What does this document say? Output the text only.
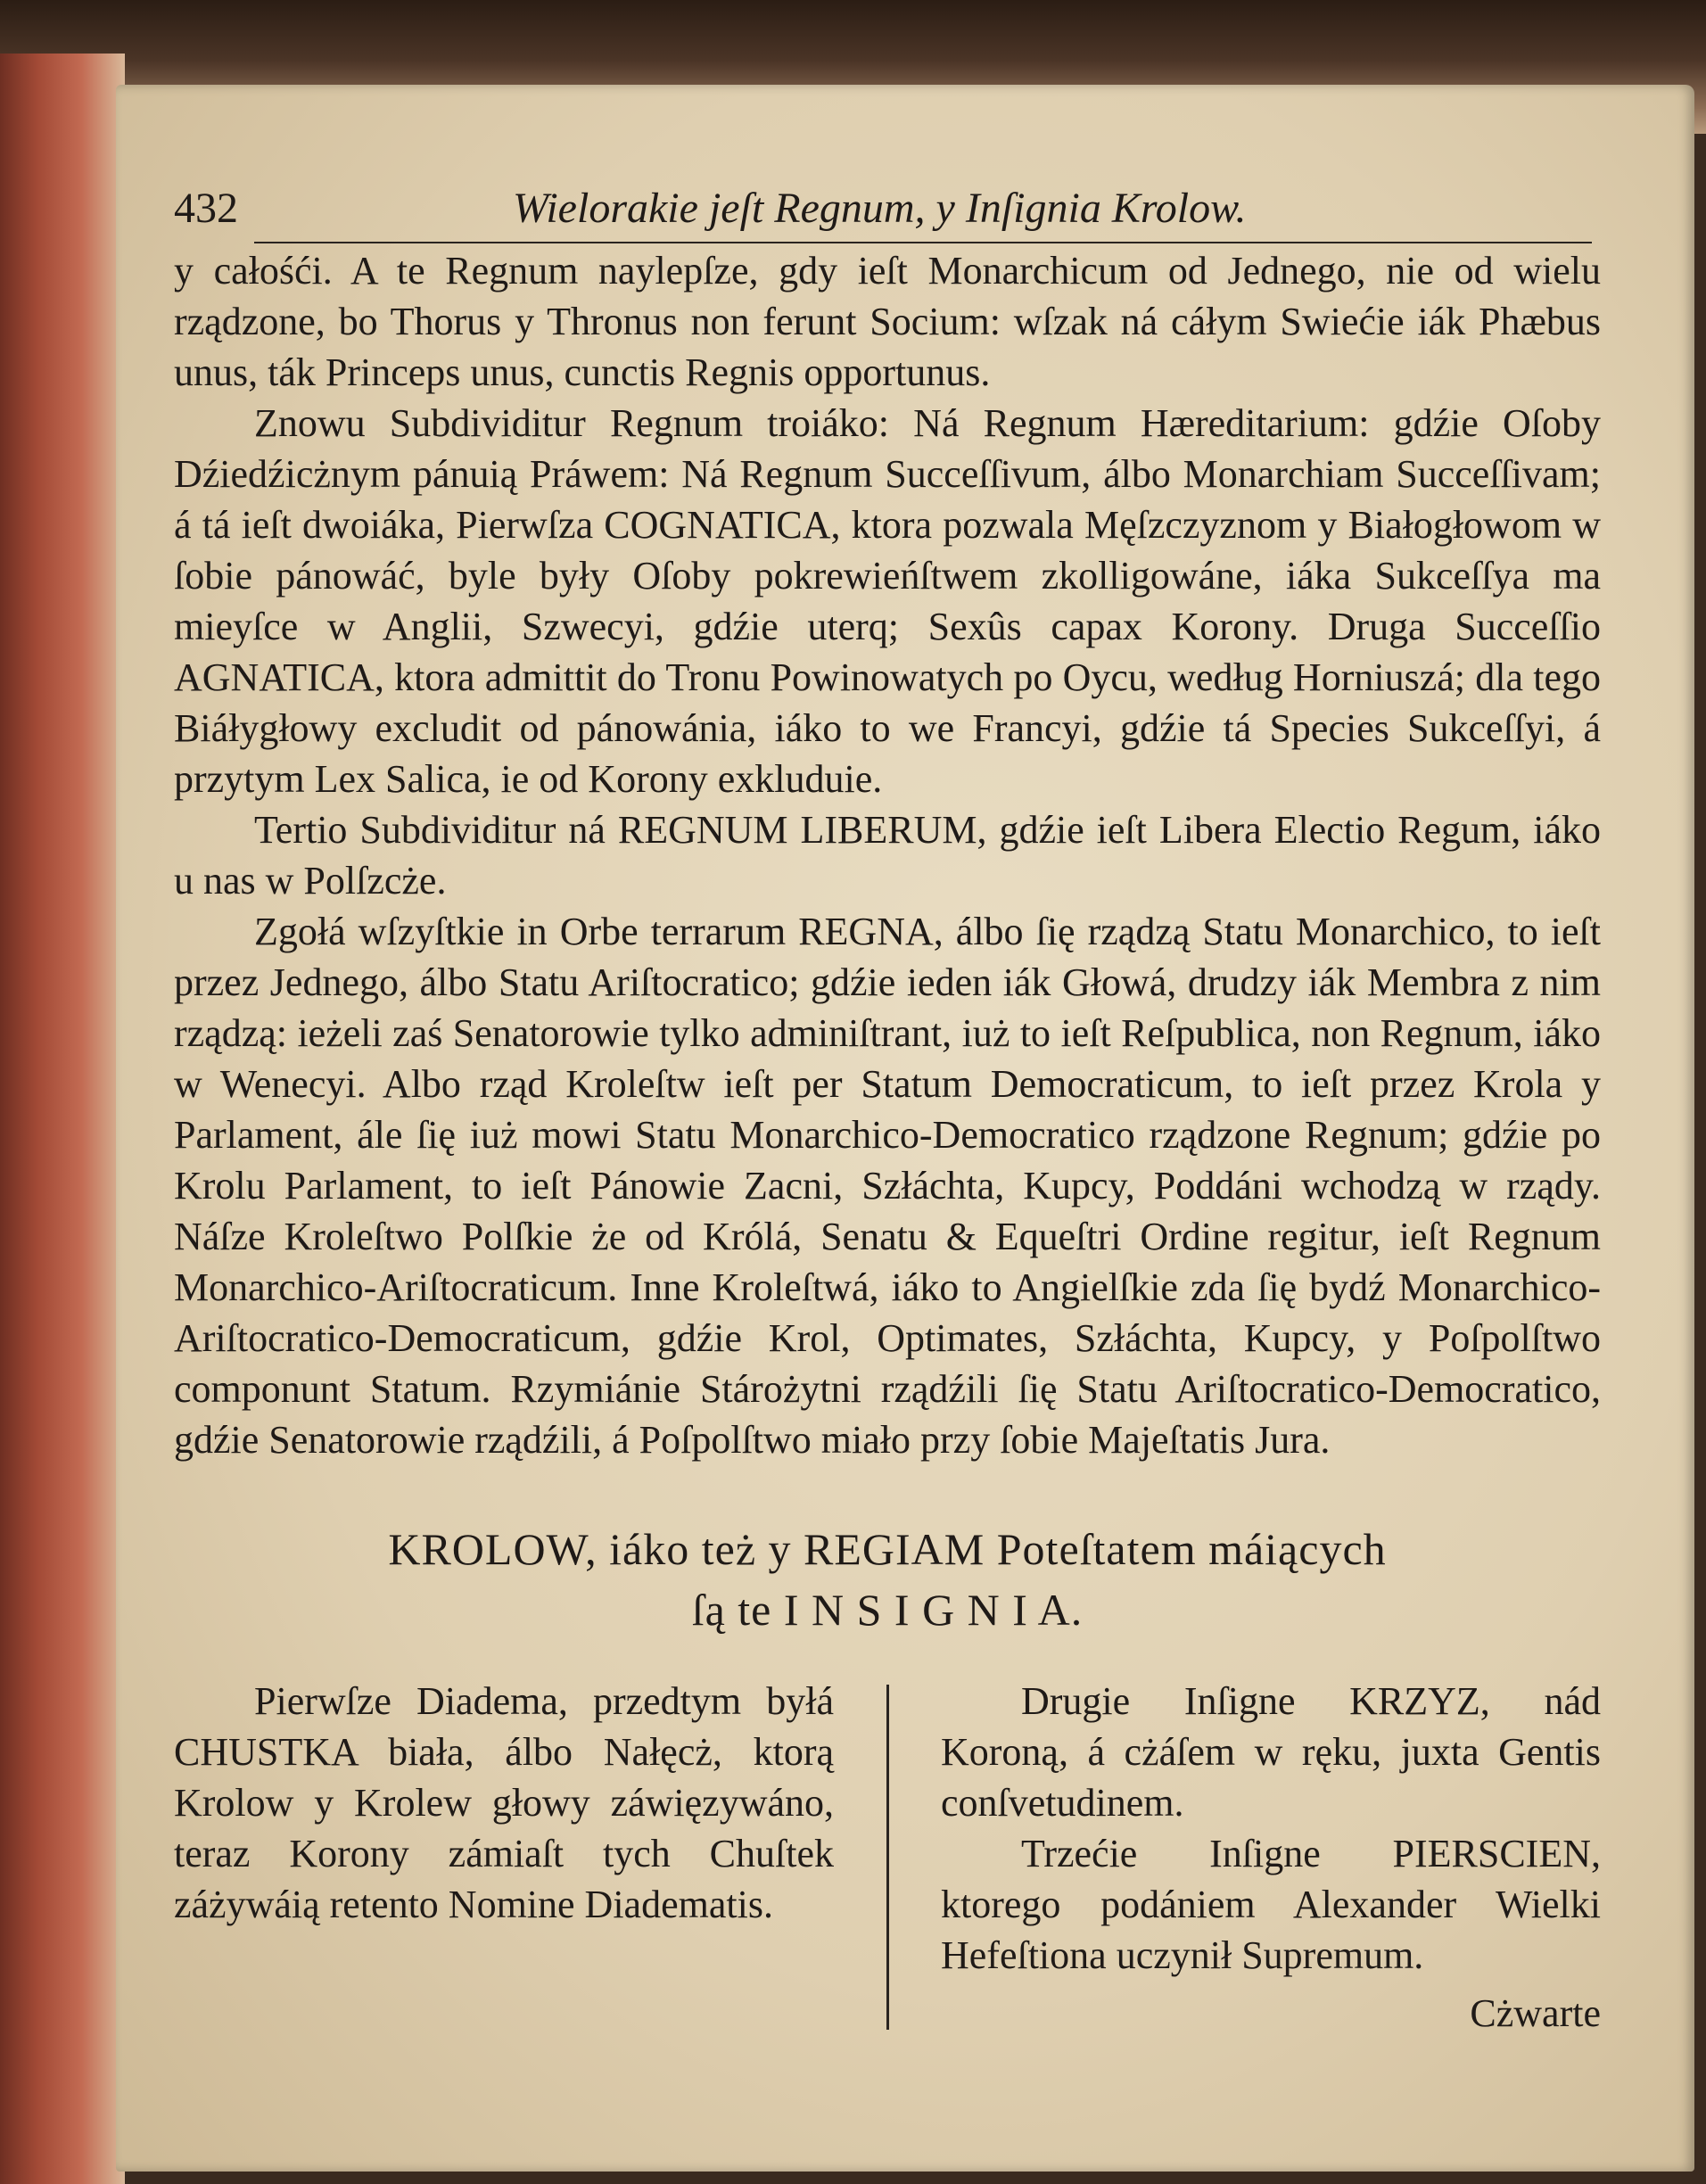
432	Wielorakie jeſt Regnum, y Inſignia Krolow.

y całośći. A te Regnum naylepſze, gdy ieſt Monarchicum od Jednego, nie od wielu rządzone, bo Thorus y Thronus non ferunt Socium: wſzak ná cáłym Swiećie iák Phæbus unus, ták Princeps unus, cunctis Regnis opportunus.

Znowu Subdividitur Regnum troiáko: Ná Regnum Hæreditarium: gdźie Oſoby Dźiedźicżnym pánuią Práwem: Ná Regnum Succeſſivum, álbo Monarchiam Succeſſivam; á tá ieſt dwoiáka, Pierwſza COGNATICA, ktora pozwala Męſzczyznom y Białogłowom w ſobie pánowáć, byle były Oſoby pokrewieńſtwem zkolligowáne, iáka Sukceſſya ma mieyſce w Anglii, Szwecyi, gdźie uterq; Sexûs capax Korony. Druga Succeſſio AGNATICA, ktora admittit do Tronu Powinowatych po Oycu, według Horniuszá; dla tego Biáłygłowy excludit od pánowánia, iáko to we Francyi, gdźie tá Species Sukceſſyi, á przytym Lex Salica, ie od Korony exkluduie.

Tertio Subdividitur ná REGNUM LIBERUM, gdźie ieſt Libera Electio Regum, iáko u nas w Polſzcże.

Zgołá wſzyſtkie in Orbe terrarum REGNA, álbo ſię rządzą Statu Monarchico, to ieſt przez Jednego, álbo Statu Ariſtocratico; gdźie ieden iák Głowá, drudzy iák Membra z nim rządzą: ieżeli zaś Senatorowie tylko adminiſtrant, iuż to ieſt Reſpublica, non Regnum, iáko w Wenecyi. Albo rząd Kroleſtw ieſt per Statum Democraticum, to ieſt przez Krola y Parlament, ále ſię iuż mowi Statu Monarchico-Democratico rządzone Regnum; gdźie po Krolu Parlament, to ieſt Pánowie Zacni, Szłáchta, Kupcy, Poddáni wchodzą w rządy. Náſze Kroleſtwo Polſkie że od Królá, Senatu & Equeſtri Ordine regitur, ieſt Regnum Monarchico-Ariſtocraticum. Inne Kroleſtwá, iáko to Angielſkie zda ſię bydź Monarchico-Ariſtocratico-Democraticum, gdźie Krol, Optimates, Szłáchta, Kupcy, y Poſpolſtwo componunt Statum. Rzymiánie Stárożytni rządźili ſię Statu Ariſtocratico-Democratico, gdźie Senatorowie rządźili, á Poſpolſtwo miało przy ſobie Majeſtatis Jura.

KROLOW, iáko też y REGIAM Poteſtatem máiących
ſą te I N S I G N I A.

Pierwſze Diadema, przedtym byłá CHUSTKA biała, álbo Nałęcż, ktorą Krolow y Krolew głowy záwięzywáno, teraz Korony zámiaſt tych Chuſtek záżywáią retento Nomine Diadematis.

Drugie Inſigne KRZYZ, nád Koroną, á cżáſem w ręku, juxta Gentis conſvetudinem.

Trzećie Inſigne PIERSCIEN, ktorego podániem Alexander Wielki Hefeſtiona uczynił Supremum.

Cżwarte
